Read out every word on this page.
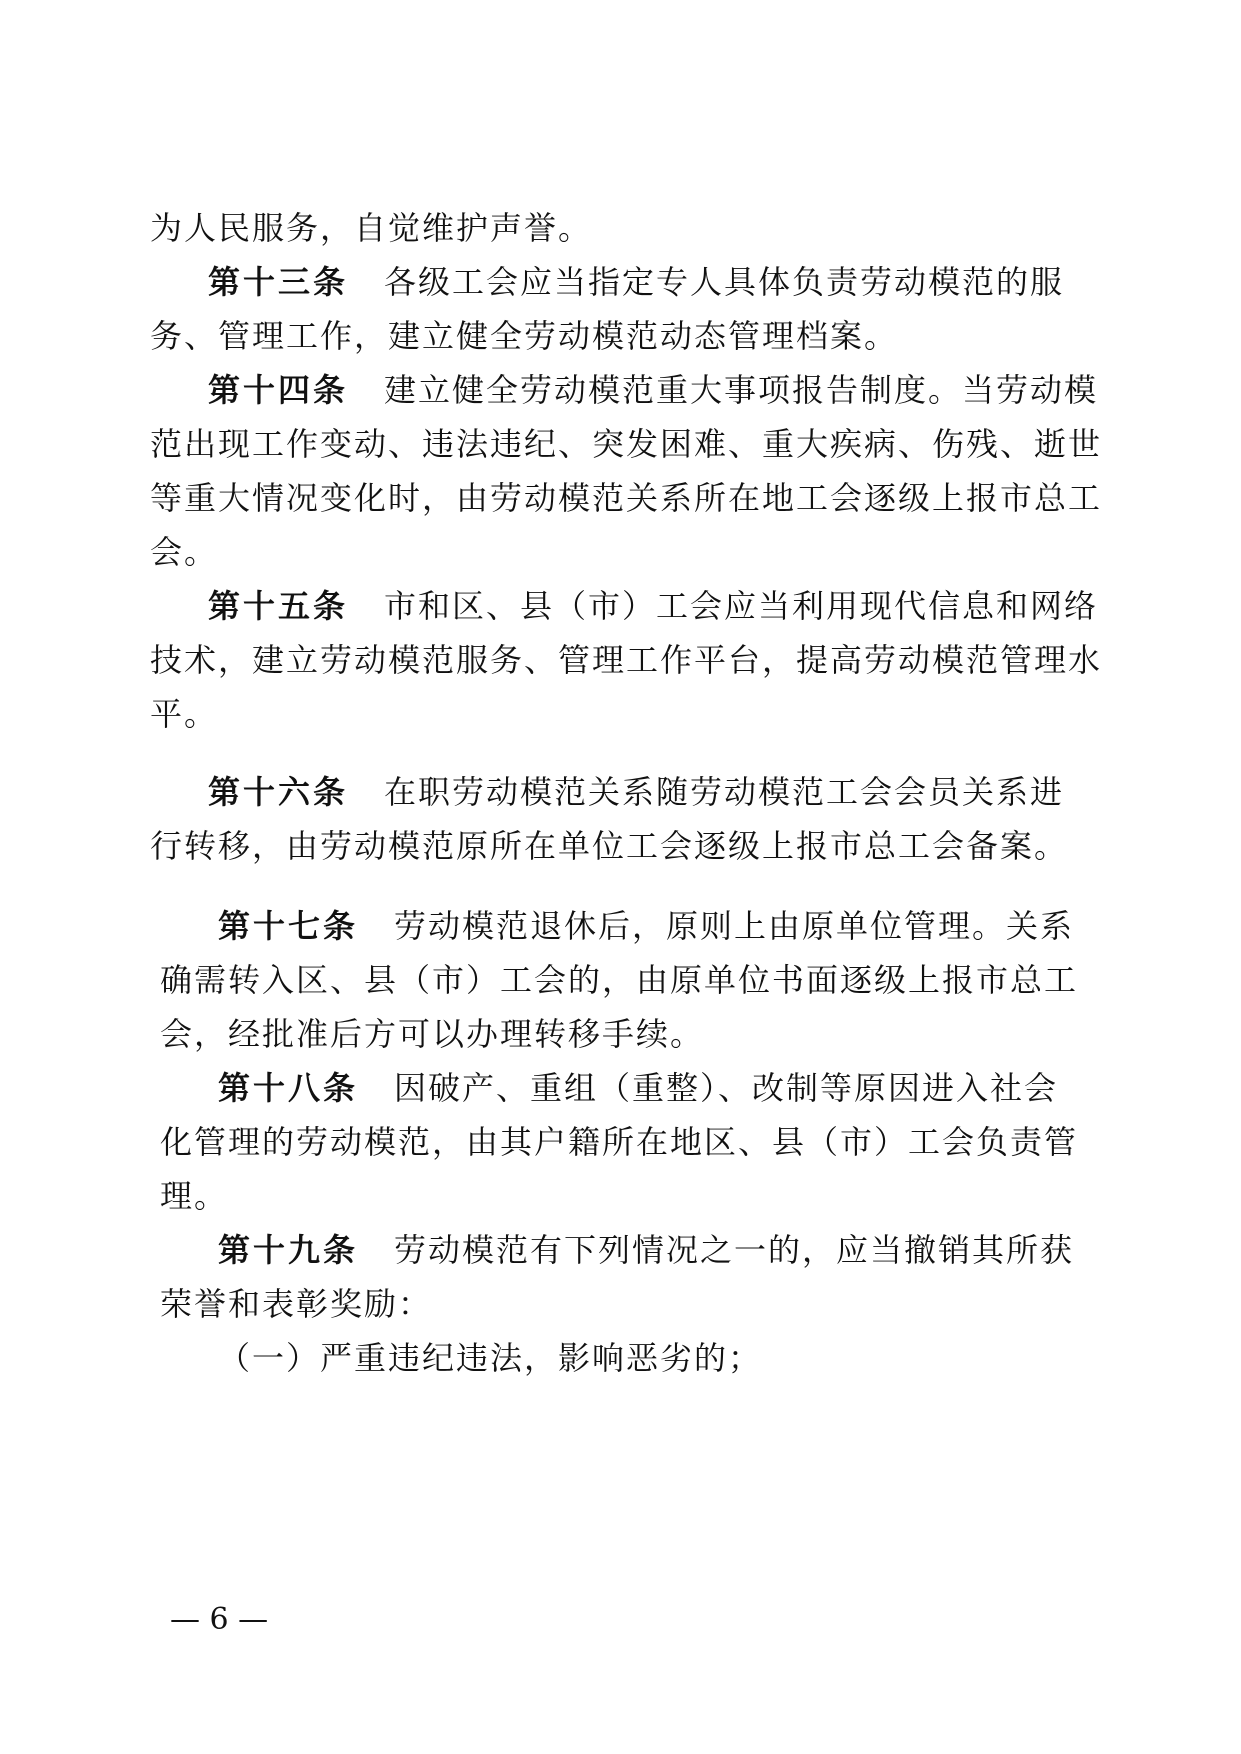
为人民服务，自觉维护声誉。
第十三条 各级工会应当指定专人具体负责劳动模范的服
务、管理工作，建立健全劳动模范动态管理档案。
第十四条 建立健全劳动模范重大事项报告制度。当劳动模
范出现工作变动、违法违纪、突发困难、重大疾病、伤残、逝世
等重大情况变化时，由劳动模范关系所在地工会逐级上报市总工
会。
第十五条 市和区、县（市）工会应当利用现代信息和网络
技术，建立劳动模范服务、管理工作平台，提高劳动模范管理水
平。
第十六条 在职劳动模范关系随劳动模范工会会员关系进
行转移，由劳动模范原所在单位工会逐级上报市总工会备案。
第十七条 劳动模范退休后，原则上由原单位管理。关系
确需转入区、县（市）工会的，由原单位书面逐级上报市总工
会，经批准后方可以办理转移手续。
第十八条 因破产、重组（重整）、改制等原因进入社会
化管理的劳动模范，由其户籍所在地区、县（市）工会负责管
理。
第十九条 劳动模范有下列情况之一的，应当撤销其所获
荣誉和表彰奖励：
（一）严重违纪违法，影响恶劣的；
— 6 —
